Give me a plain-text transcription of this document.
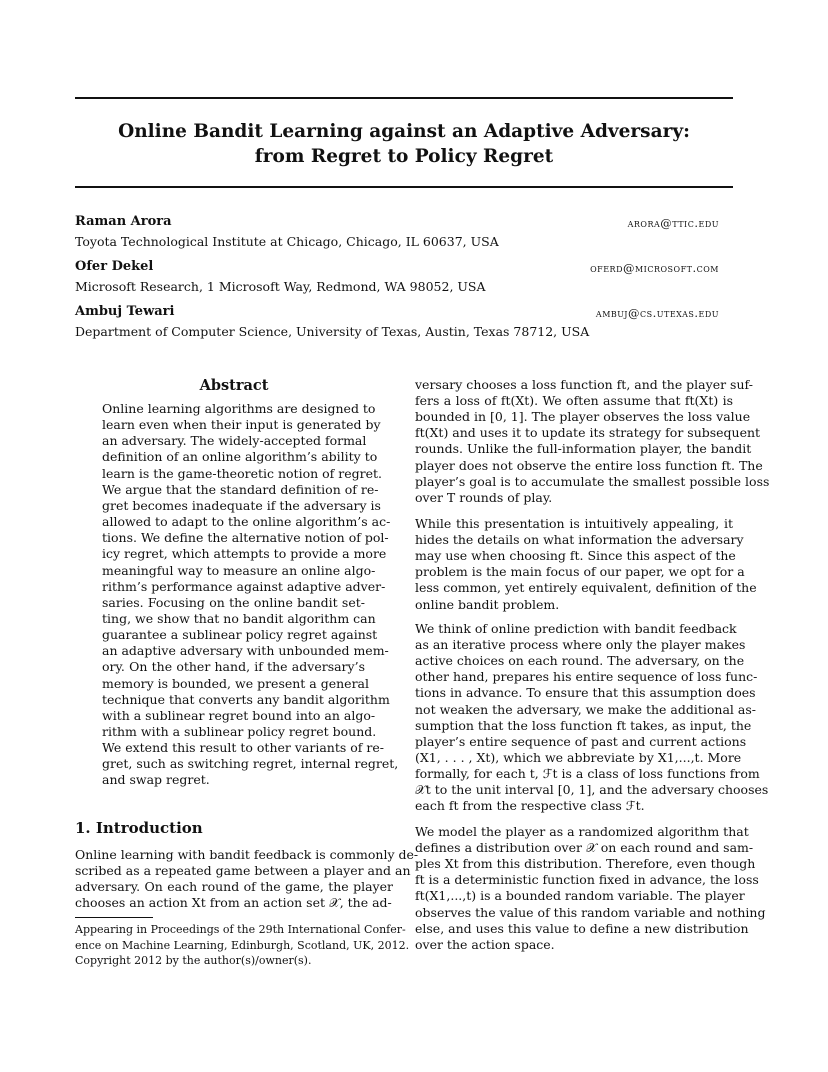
Online Bandit Learning against an Adaptive Adversary:
from Regret to Policy Regret
Raman Arora	arora@ttic.edu
Toyota Technological Institute at Chicago, Chicago, IL 60637, USA
Ofer Dekel	oferd@microsoft.com
Microsoft Research, 1 Microsoft Way, Redmond, WA 98052, USA
Ambuj Tewari	ambuj@cs.utexas.edu
Department of Computer Science, University of Texas, Austin, Texas 78712, USA
Abstract
Online learning algorithms are designed to
learn even when their input is generated by
an adversary. The widely-accepted formal
definition of an online algorithm’s ability to
learn is the game-theoretic notion of regret.
We argue that the standard definition of re-
gret becomes inadequate if the adversary is
allowed to adapt to the online algorithm’s ac-
tions. We define the alternative notion of pol-
icy regret, which attempts to provide a more
meaningful way to measure an online algo-
rithm’s performance against adaptive adver-
saries. Focusing on the online bandit set-
ting, we show that no bandit algorithm can
guarantee a sublinear policy regret against
an adaptive adversary with unbounded mem-
ory. On the other hand, if the adversary’s
memory is bounded, we present a general
technique that converts any bandit algorithm
with a sublinear regret bound into an algo-
rithm with a sublinear policy regret bound.
We extend this result to other variants of re-
gret, such as switching regret, internal regret,
and swap regret.
1. Introduction
Online learning with bandit feedback is commonly de-
scribed as a repeated game between a player and an
adversary. On each round of the game, the player
chooses an action Xt from an action set 𝒳, the ad-
Appearing in Proceedings of the 29th International Confer-
ence on Machine Learning, Edinburgh, Scotland, UK, 2012.
Copyright 2012 by the author(s)/owner(s).
versary chooses a loss function ft, and the player suf-
fers a loss of ft(Xt). We often assume that ft(Xt) is
bounded in [0, 1]. The player observes the loss value
ft(Xt) and uses it to update its strategy for subsequent
rounds. Unlike the full-information player, the bandit
player does not observe the entire loss function ft. The
player’s goal is to accumulate the smallest possible loss
over T rounds of play.
While this presentation is intuitively appealing, it
hides the details on what information the adversary
may use when choosing ft. Since this aspect of the
problem is the main focus of our paper, we opt for a
less common, yet entirely equivalent, definition of the
online bandit problem.
We think of online prediction with bandit feedback
as an iterative process where only the player makes
active choices on each round. The adversary, on the
other hand, prepares his entire sequence of loss func-
tions in advance. To ensure that this assumption does
not weaken the adversary, we make the additional as-
sumption that the loss function ft takes, as input, the
player’s entire sequence of past and current actions
(X1, . . . , Xt), which we abbreviate by X1,...,t. More
formally, for each t, ℱt is a class of loss functions from
𝒳t to the unit interval [0, 1], and the adversary chooses
each ft from the respective class ℱt.
We model the player as a randomized algorithm that
defines a distribution over 𝒳 on each round and sam-
ples Xt from this distribution. Therefore, even though
ft is a deterministic function fixed in advance, the loss
ft(X1,...,t) is a bounded random variable. The player
observes the value of this random variable and nothing
else, and uses this value to define a new distribution
over the action space.
